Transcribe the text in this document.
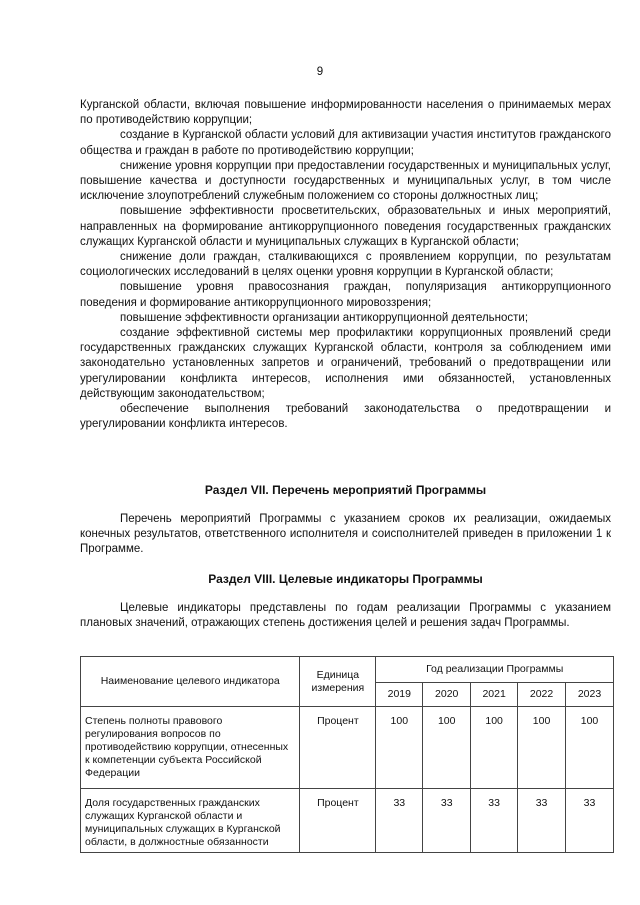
9

Курганской области, включая повышение информированности населения о принимаемых мерах по противодействию коррупции;

создание в Курганской области условий для активизации участия институтов гражданского общества и граждан в работе по противодействию коррупции;

снижение уровня коррупции при предоставлении государственных и муниципальных услуг, повышение качества и доступности государственных и муниципальных услуг, в том числе исключение злоупотреблений служебным положением со стороны должностных лиц;

повышение эффективности просветительских, образовательных и иных мероприятий, направленных на формирование антикоррупционного поведения государственных гражданских служащих Курганской области и муниципальных служащих в Курганской области;

снижение доли граждан, сталкивающихся с проявлением коррупции, по результатам социологических исследований в целях оценки уровня коррупции в Курганской области;

повышение уровня правосознания граждан, популяризация антикоррупционного поведения и формирование антикоррупционного мировоззрения;

повышение эффективности организации антикоррупционной деятельности;

создание эффективной системы мер профилактики коррупционных проявлений среди государственных гражданских служащих Курганской области, контроля за соблюдением ими законодательно установленных запретов и ограничений, требований о предотвращении или урегулировании конфликта интересов, исполнения ими обязанностей, установленных действующим законодательством;

обеспечение выполнения требований законодательства о предотвращении и урегулировании конфликта интересов.

Раздел VII. Перечень мероприятий Программы

Перечень мероприятий Программы с указанием сроков их реализации, ожидаемых конечных результатов, ответственного исполнителя и соисполнителей приведен в приложении 1 к Программе.

Раздел VIII. Целевые индикаторы Программы

Целевые индикаторы представлены по годам реализации Программы с указанием плановых значений, отражающих степень достижения целей и решения задач Программы.

Наименование целевого индикатора	Единица измерения	Год реализации Программы				
		2019	2020	2021	2022	2023
Степень полноты правового регулирования вопросов по противодействию коррупции, отнесенных к компетенции субъекта Российской Федерации	Процент	100	100	100	100	100
Доля государственных гражданских служащих Курганской области и муниципальных служащих в Курганской области, в должностные обязанности	Процент	33	33	33	33	33
